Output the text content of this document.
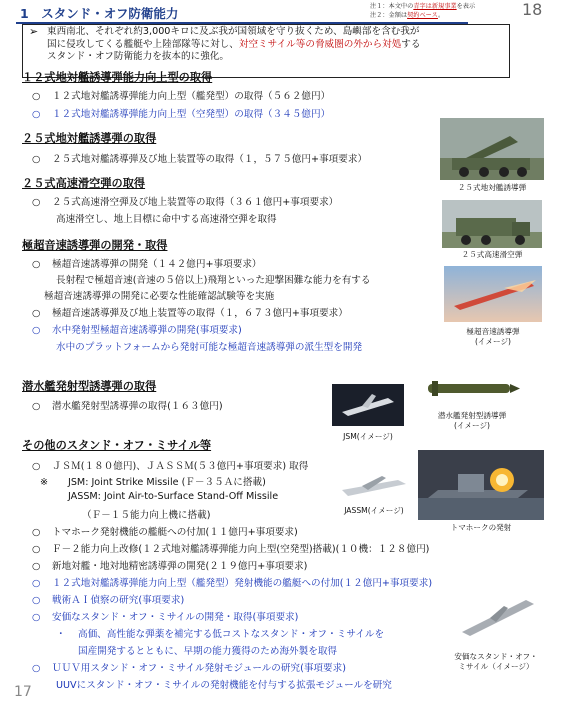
1　スタンド・オフ防衛能力	注１：本文中の青字は新規事業を表示
注２：金額は契約ベース。	18
➢ 東西南北、それぞれ約3,000キロに及ぶ我が国領域を守り抜くため、島嶼部を含む我が
国に侵攻してくる艦艇や上陸部隊等に対し、対空ミサイル等の脅威圏の外から対処する
スタンド・オフ防衛能力を抜本的に強化。
１２式地対艦誘導弾能力向上型の取得
○ １２式地対艦誘導弾能力向上型（艦発型）の取得（５６２億円）
○ １２式地対艦誘導弾能力向上型（空発型）の取得（３４５億円）
２５式地対艦誘導弾の取得
○ ２５式地対艦誘導弾及び地上装置等の取得（１，５７５億円+事項要求）
２５式高速滑空弾の取得
○ ２５式高速滑空弾及び地上装置等の取得（３６１億円+事項要求）
高速滑空し、地上目標に命中する高速滑空弾を取得
極超音速誘導弾の開発・取得
○ 極超音速誘導弾の開発（１４２億円+事項要求）
長射程で極超音速(音速の５倍以上)飛翔といった迎撃困難な能力を有する
極超音速誘導弾の開発に必要な性能確認試験等を実施
○ 極超音速誘導弾及び地上装置等の取得（１，６７３億円+事項要求）
○ 水中発射型極超音速誘導弾の開発(事項要求)
水中のプラットフォームから発射可能な極超音速誘導弾の派生型を開発
潜水艦発射型誘導弾の取得
○ 潜水艦発射型誘導弾の取得(１６３億円)
その他のスタンド・オフ・ミサイル等
○ ＪＳＭ(１８０億円)、ＪＡＳＳＭ(５３億円+事項要求) 取得
※ JSM: Joint Strike Missile (Ｆ－３５Ａに搭載)
JASSM: Joint Air-to-Surface Stand-Off Missile
（Ｆ－１５能力向上機に搭載)
○ トマホーク発射機能の艦艇への付加(１１億円+事項要求)
○ Ｆ－２能力向上改修(１２式地対艦誘導弾能力向上型(空発型)搭載)(１０機：１２８億円)
○ 新地対艦・地対地精密誘導弾の開発(２１９億円+事項要求)
○ １２式地対艦誘導弾能力向上型（艦発型）発射機能の艦艇への付加(１２億円+事項要求)
○ 戦術ＡＩ偵察の研究(事項要求)
○ 安価なスタンド・オフ・ミサイルの開発・取得(事項要求)
・ 高価、高性能な弾薬を補完する低コストなスタンド・オフ・ミサイルを
国産開発するとともに、早期の能力獲得のため海外製を取得
○ ＵＵＶ用スタンド・オフ・ミサイル発射モジュールの研究(事項要求)
UUVにスタンド・オフ・ミサイルの発射機能を付与する拡張モジュールを研究
17
２５式地対艦誘導弾
２５式高速滑空弾
極超音速誘導弾
(イメージ)
潜水艦発射型誘導弾
(イメージ)
JSM(イメージ)
JASSM(イメージ)
トマホークの発射
安価なスタンド・オフ・
ミサイル（イメージ）
